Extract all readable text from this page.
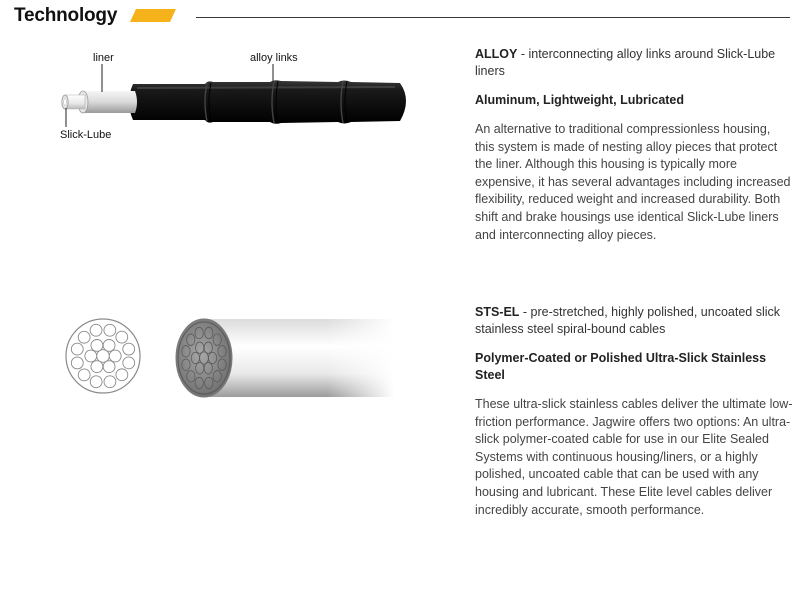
Technology
liner	alloy links
Slick-Lube

ALLOY - interconnecting alloy links around Slick-Lube liners

Aluminum, Lightweight, Lubricated

An alternative to traditional compressionless housing, this system is made of nesting alloy pieces that protect the liner. Although this housing is typically more expensive, it has several advantages including increased flexibility, reduced weight and increased durability. Both shift and brake housings use identical Slick-Lube liners and interconnecting alloy pieces.

STS-EL - pre-stretched, highly polished, uncoated slick stainless steel spiral-bound cables

Polymer-Coated or Polished Ultra-Slick Stainless Steel

These ultra-slick stainless cables deliver the ultimate low-friction performance. Jagwire offers two options: An ultra-slick polymer-coated cable for use in our Elite Sealed Systems with continuous housing/liners, or a highly polished, uncoated cable that can be used with any housing and lubricant. These Elite level cables deliver incredibly accurate, smooth performance.
